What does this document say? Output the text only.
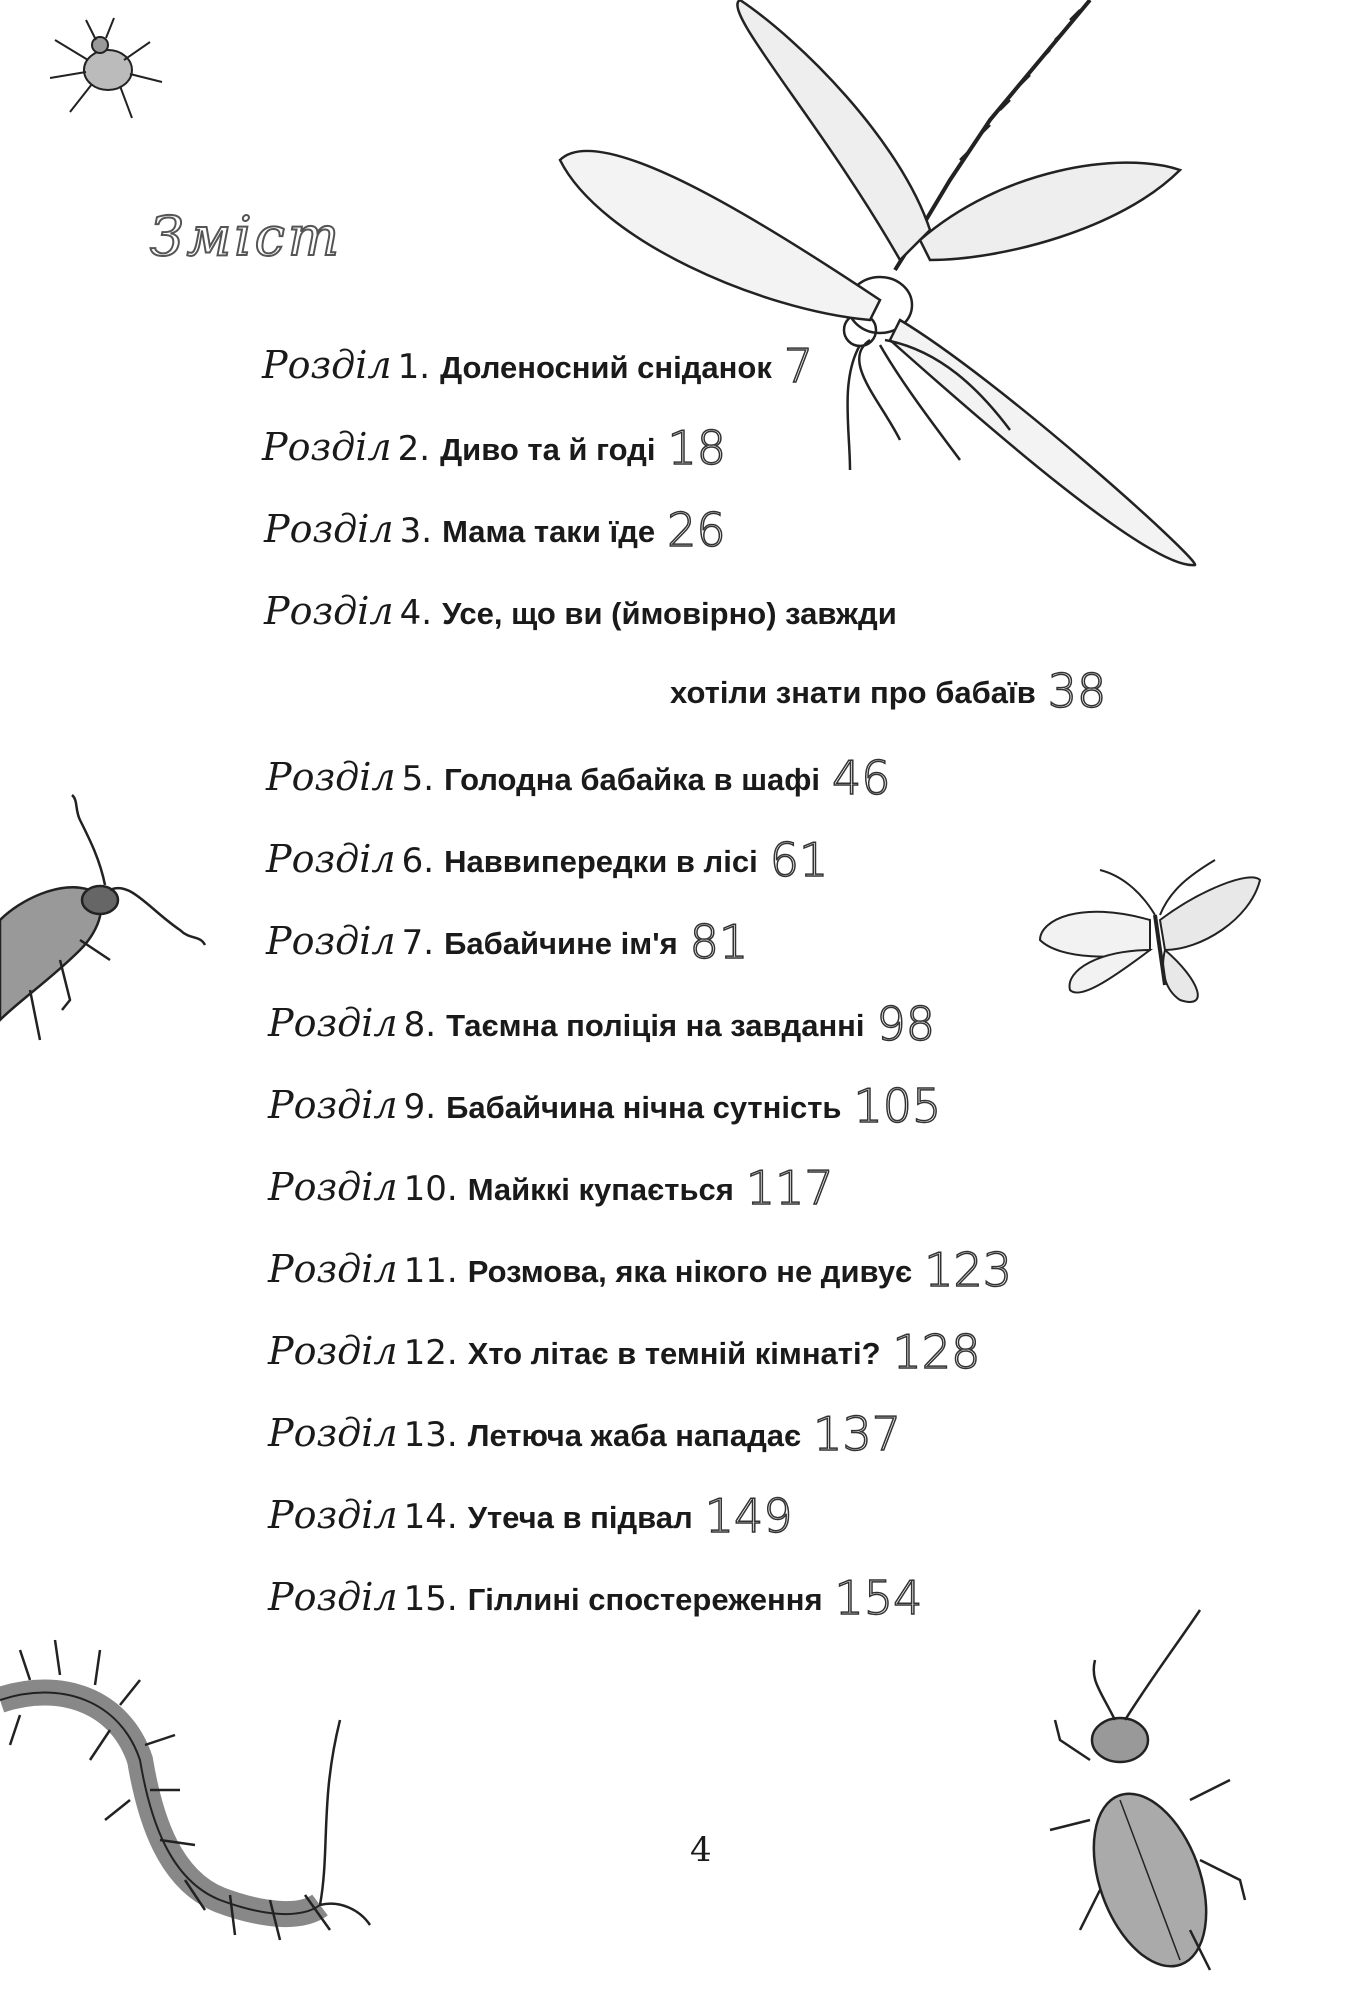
Зміст
Розділ 1. Доленосний сніданок 7
Розділ 2. Диво та й годі 18
Розділ 3. Мама таки їде 26
Розділ 4. Усе, що ви (ймовірно) завжди
хотіли знати про бабаїв 38
Розділ 5. Голодна бабайка в шафі 46
Розділ 6. Наввипередки в лісі 61
Розділ 7. Бабайчине ім'я 81
Розділ 8. Таємна поліція на завданні 98
Розділ 9. Бабайчина нічна сутність 105
Розділ 10. Майккі купається 117
Розділ 11. Розмова, яка нікого не дивує 123
Розділ 12. Хто літає в темній кімнаті? 128
Розділ 13. Летюча жаба нападає 137
Розділ 14. Утеча в підвал 149
Розділ 15. Гіллині спостереження 154
4
